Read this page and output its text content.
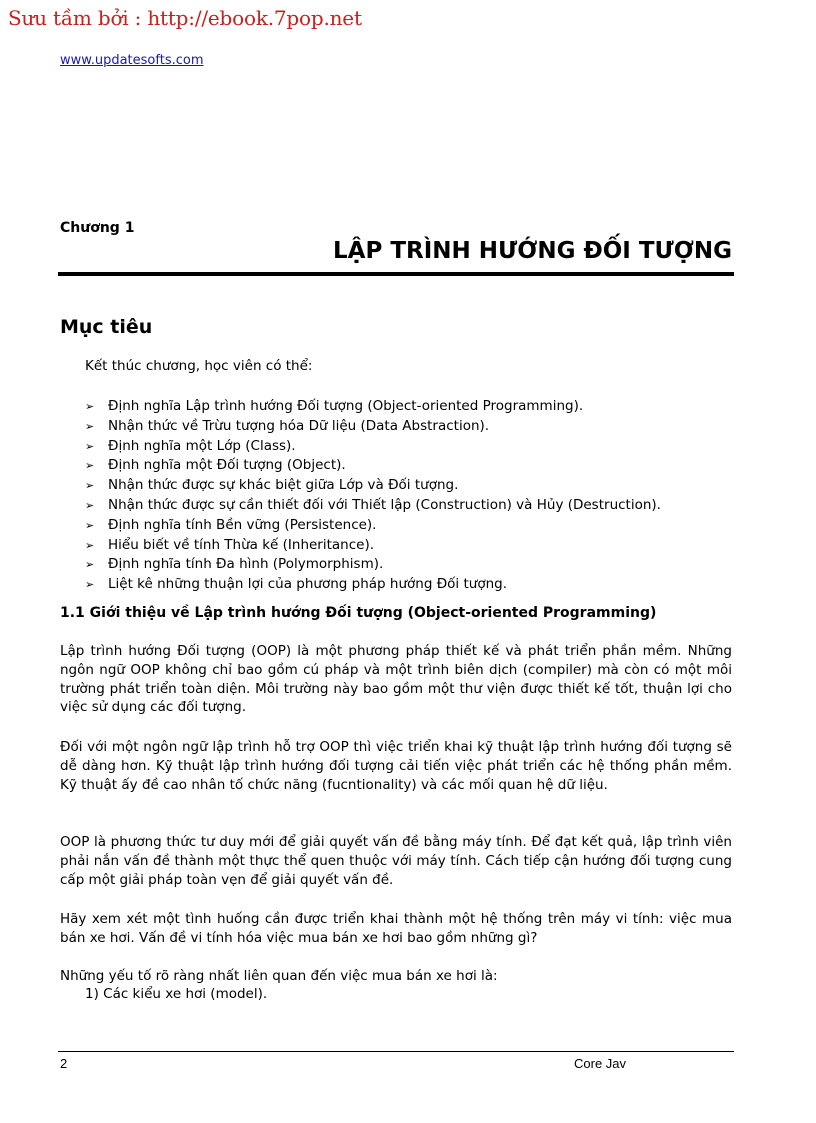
Sưu tầm bởi : http://ebook.7pop.net
www.updatesofts.com
Chương 1
LẬP TRÌNH HƯỚNG ĐỐI TƯỢNG
Mục tiêu
Kết thúc chương, học viên có thể:
➢	Định nghĩa Lập trình hướng Đối tượng (Object-oriented Programming).
➢	Nhận thức về Trừu tượng hóa Dữ liệu (Data Abstraction).
➢	Định nghĩa một Lớp (Class).
➢	Định nghĩa một Đối tượng (Object).
➢	Nhận thức được sự khác biệt giữa Lớp và Đối tượng.
➢	Nhận thức được sự cần thiết đối với Thiết lập (Construction) và Hủy (Destruction).
➢	Định nghĩa tính Bền vững (Persistence).
➢	Hiểu biết về tính Thừa kế (Inheritance).
➢	Định nghĩa tính Đa hình (Polymorphism).
➢	Liệt kê những thuận lợi của phương pháp hướng Đối tượng.
1.1 Giới thiệu về Lập trình hướng Đối tượng (Object-oriented Programming)

Lập trình hướng Đối tượng (OOP) là một phương pháp thiết kế và phát triển phần mềm. Những ngôn ngữ OOP không chỉ bao gồm cú pháp và một trình biên dịch (compiler) mà còn có một môi trường phát triển toàn diện. Môi trường này bao gồm một thư viện được thiết kế tốt, thuận lợi cho việc sử dụng các đối tượng.

Đối với một ngôn ngữ lập trình hỗ trợ OOP thì việc triển khai kỹ thuật lập trình hướng đối tượng sẽ dễ dàng hơn. Kỹ thuật lập trình hướng đối tượng cải tiến việc phát triển các hệ thống phần mềm. Kỹ thuật ấy đề cao nhân tố chức năng (fucntionality) và các mối quan hệ dữ liệu.

OOP là phương thức tư duy mới để giải quyết vấn đề bằng máy tính. Để đạt kết quả, lập trình viên phải nắn vấn đề thành một thực thể quen thuộc với máy tính. Cách tiếp cận hướng đối tượng cung cấp một giải pháp toàn vẹn để giải quyết vấn đề.

Hãy xem xét một tình huống cần được triển khai thành một hệ thống trên máy vi tính: việc mua bán xe hơi. Vấn đề vi tính hóa việc mua bán xe hơi bao gồm những gì?

Những yếu tố rõ ràng nhất liên quan đến việc mua bán xe hơi là:

1) Các kiểu xe hơi (model).
2	Core Jav
